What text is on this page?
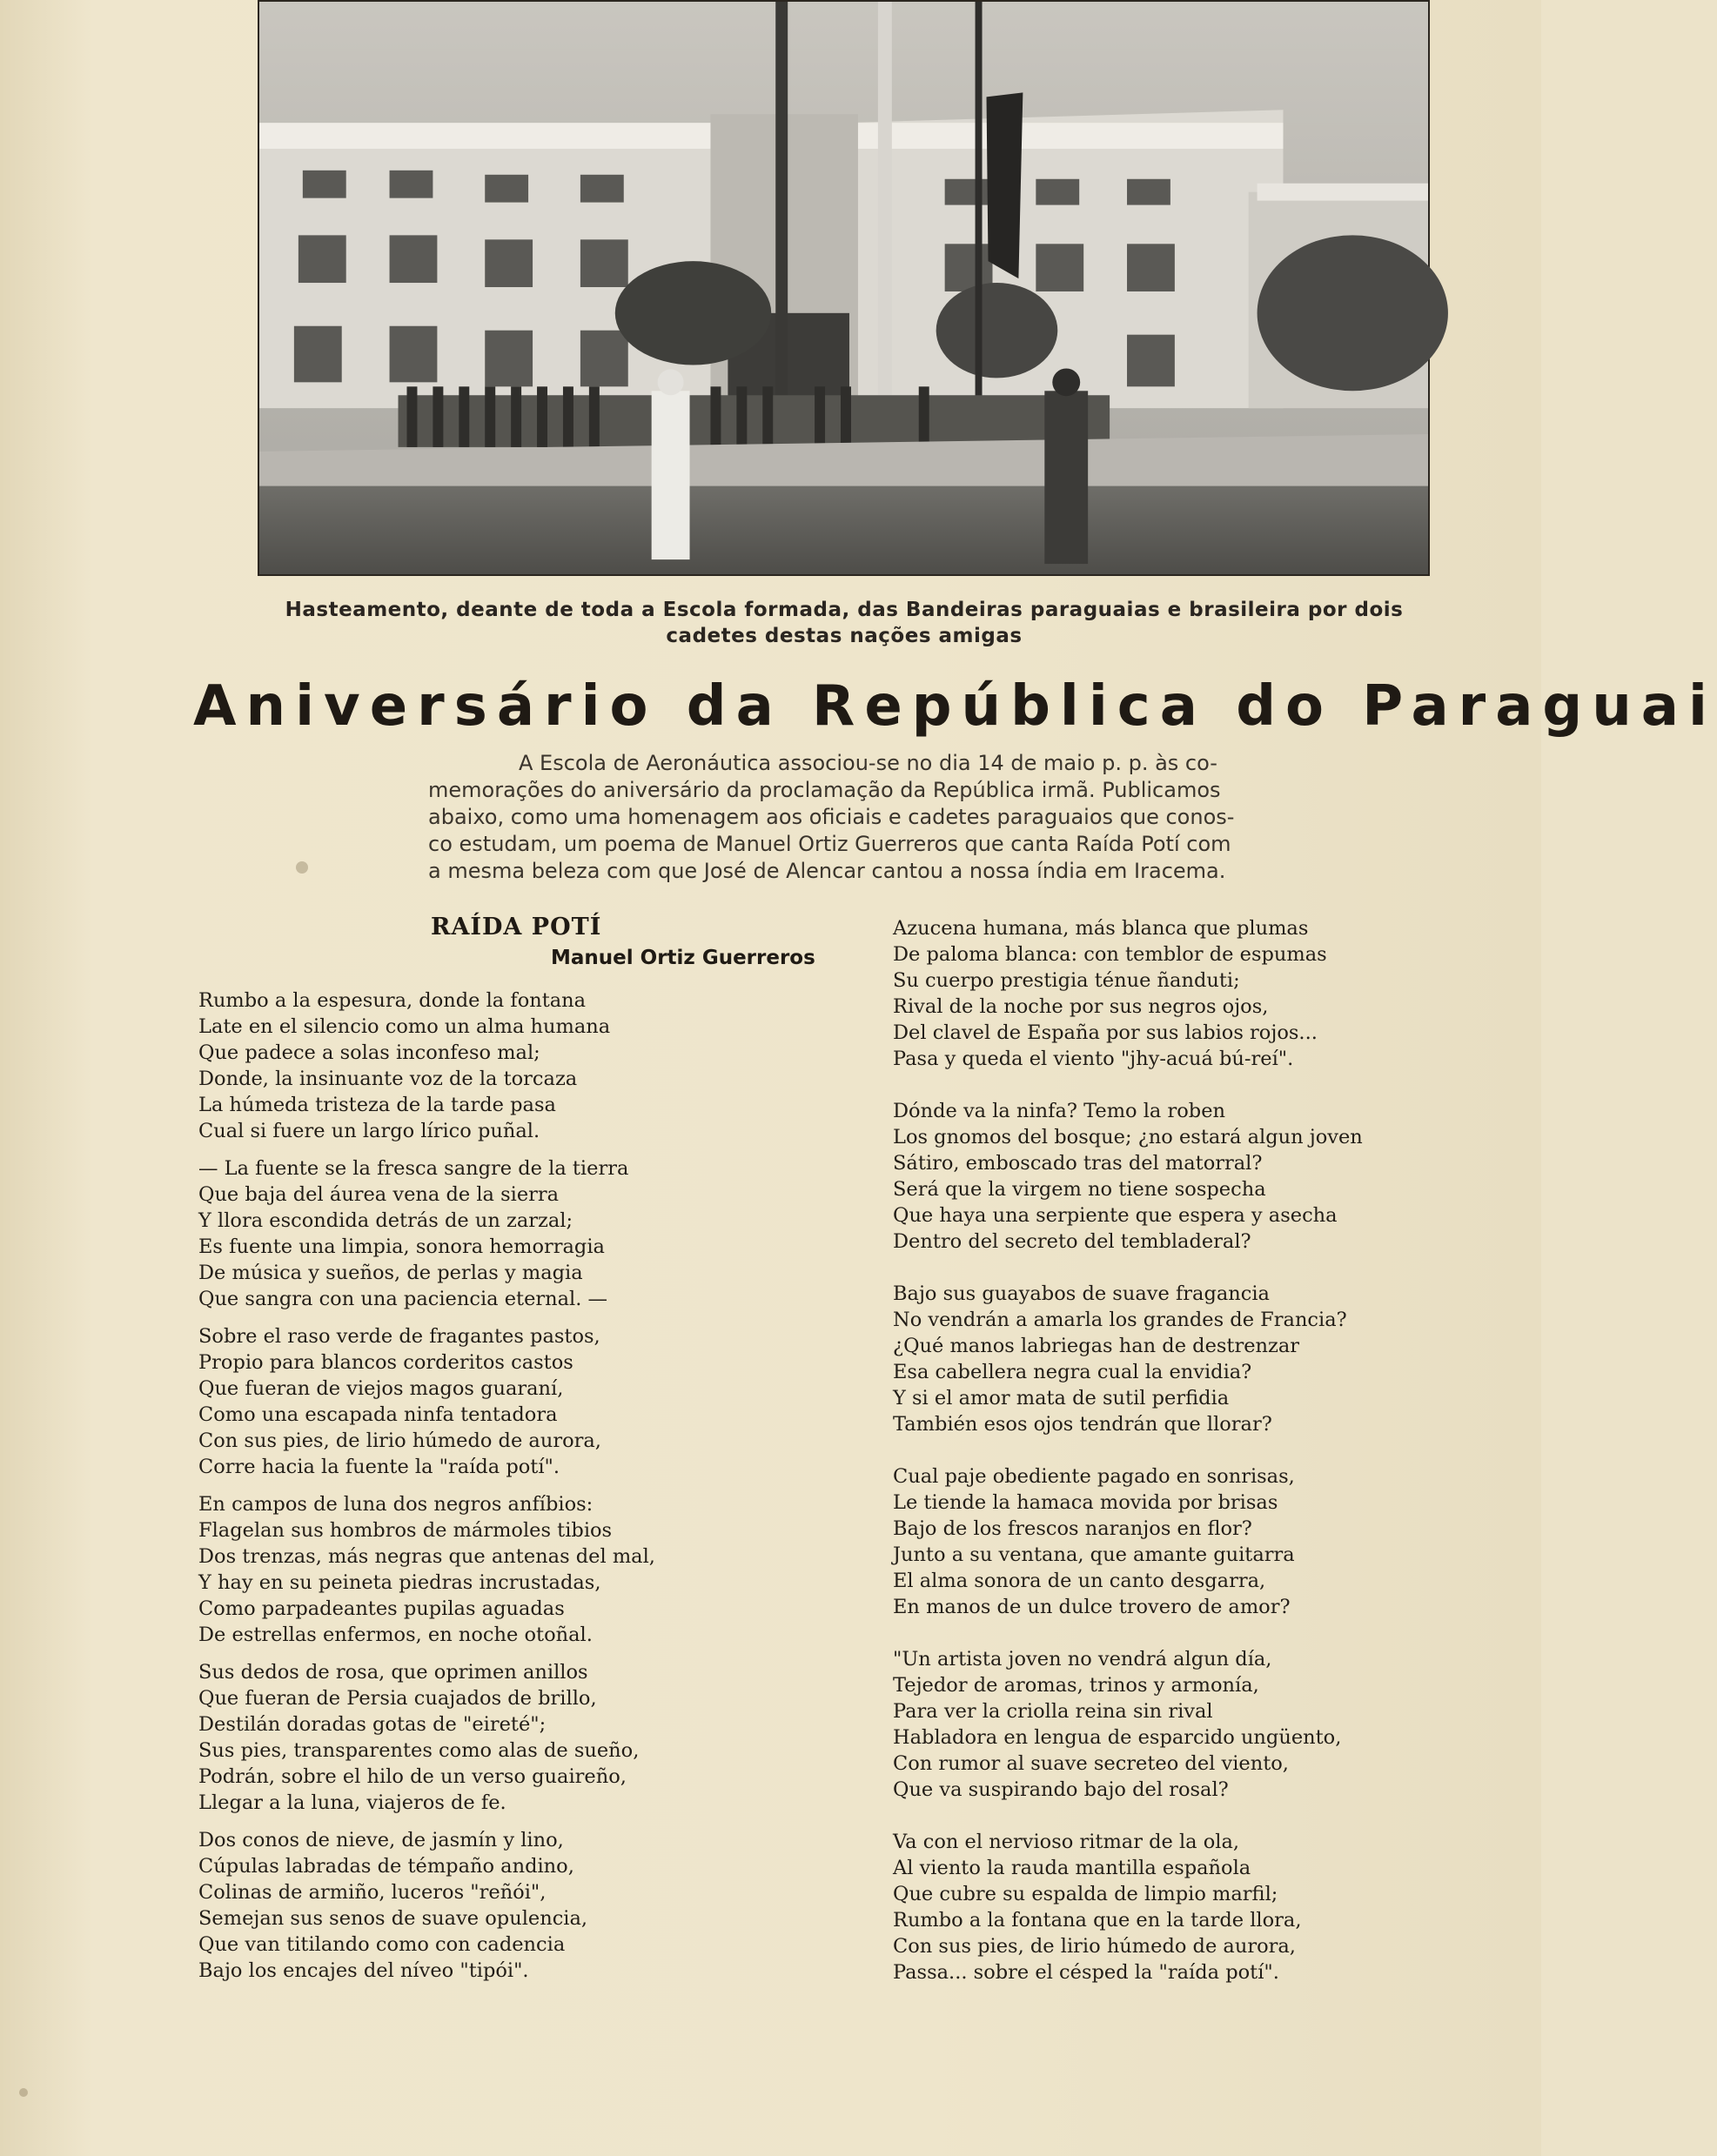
Hasteamento, deante de toda a Escola formada, das Bandeiras paraguaias e brasileira por dois
cadetes destas nações amigas
Aniversário da República do Paraguai
A Escola de Aeronáutica associou-se no dia 14 de maio p. p. às co-
memorações do aniversário da proclamação da República irmã. Publicamos
abaixo, como uma homenagem aos oficiais e cadetes paraguaios que conos-
co estudam, um poema de Manuel Ortiz Guerreros que canta Raída Potí com
a mesma beleza com que José de Alencar cantou a nossa índia em Iracema.
RAÍDA POTÍ
Manuel Ortiz Guerreros
Rumbo a la espesura, donde la fontana
Late en el silencio como un alma humana
Que padece a solas inconfeso mal;
Donde, la insinuante voz de la torcaza
La húmeda tristeza de la tarde pasa
Cual si fuere un largo lírico puñal.
— La fuente se la fresca sangre de la tierra
Que baja del áurea vena de la sierra
Y llora escondida detrás de un zarzal;
Es fuente una limpia, sonora hemorragia
De música y sueños, de perlas y magia
Que sangra con una paciencia eternal. —
Sobre el raso verde de fragantes pastos,
Propio para blancos corderitos castos
Que fueran de viejos magos guaraní,
Como una escapada ninfa tentadora
Con sus pies, de lirio húmedo de aurora,
Corre hacia la fuente la "raída potí".
En campos de luna dos negros anfíbios:
Flagelan sus hombros de mármoles tibios
Dos trenzas, más negras que antenas del mal,
Y hay en su peineta piedras incrustadas,
Como parpadeantes pupilas aguadas
De estrellas enfermos, en noche otoñal.
Sus dedos de rosa, que oprimen anillos
Que fueran de Persia cuajados de brillo,
Destilán doradas gotas de "eireté";
Sus pies, transparentes como alas de sueño,
Podrán, sobre el hilo de un verso guaireño,
Llegar a la luna, viajeros de fe.
Dos conos de nieve, de jasmín y lino,
Cúpulas labradas de témpaño andino,
Colinas de armiño, luceros "reñói",
Semejan sus senos de suave opulencia,
Que van titilando como con cadencia
Bajo los encajes del níveo "tipói".
Azucena humana, más blanca que plumas
De paloma blanca: con temblor de espumas
Su cuerpo prestigia ténue ñanduti;
Rival de la noche por sus negros ojos,
Del clavel de España por sus labios rojos...
Pasa y queda el viento "jhy-acuá bú-reí".
Dónde va la ninfa? Temo la roben
Los gnomos del bosque; ¿no estará algun joven
Sátiro, emboscado tras del matorral?
Será que la virgem no tiene sospecha
Que haya una serpiente que espera y asecha
Dentro del secreto del tembladeral?
Bajo sus guayabos de suave fragancia
No vendrán a amarla los grandes de Francia?
¿Qué manos labriegas han de destrenzar
Esa cabellera negra cual la envidia?
Y si el amor mata de sutil perfidia
También esos ojos tendrán que llorar?
Cual paje obediente pagado en sonrisas,
Le tiende la hamaca movida por brisas
Bajo de los frescos naranjos en flor?
Junto a su ventana, que amante guitarra
El alma sonora de un canto desgarra,
En manos de un dulce trovero de amor?
"Un artista joven no vendrá algun día,
Tejedor de aromas, trinos y armonía,
Para ver la criolla reina sin rival
Habladora en lengua de esparcido ungüento,
Con rumor al suave secreteo del viento,
Que va suspirando bajo del rosal?
Va con el nervioso ritmar de la ola,
Al viento la rauda mantilla española
Que cubre su espalda de limpio marfil;
Rumbo a la fontana que en la tarde llora,
Con sus pies, de lirio húmedo de aurora,
Passa... sobre el césped la "raída potí".
